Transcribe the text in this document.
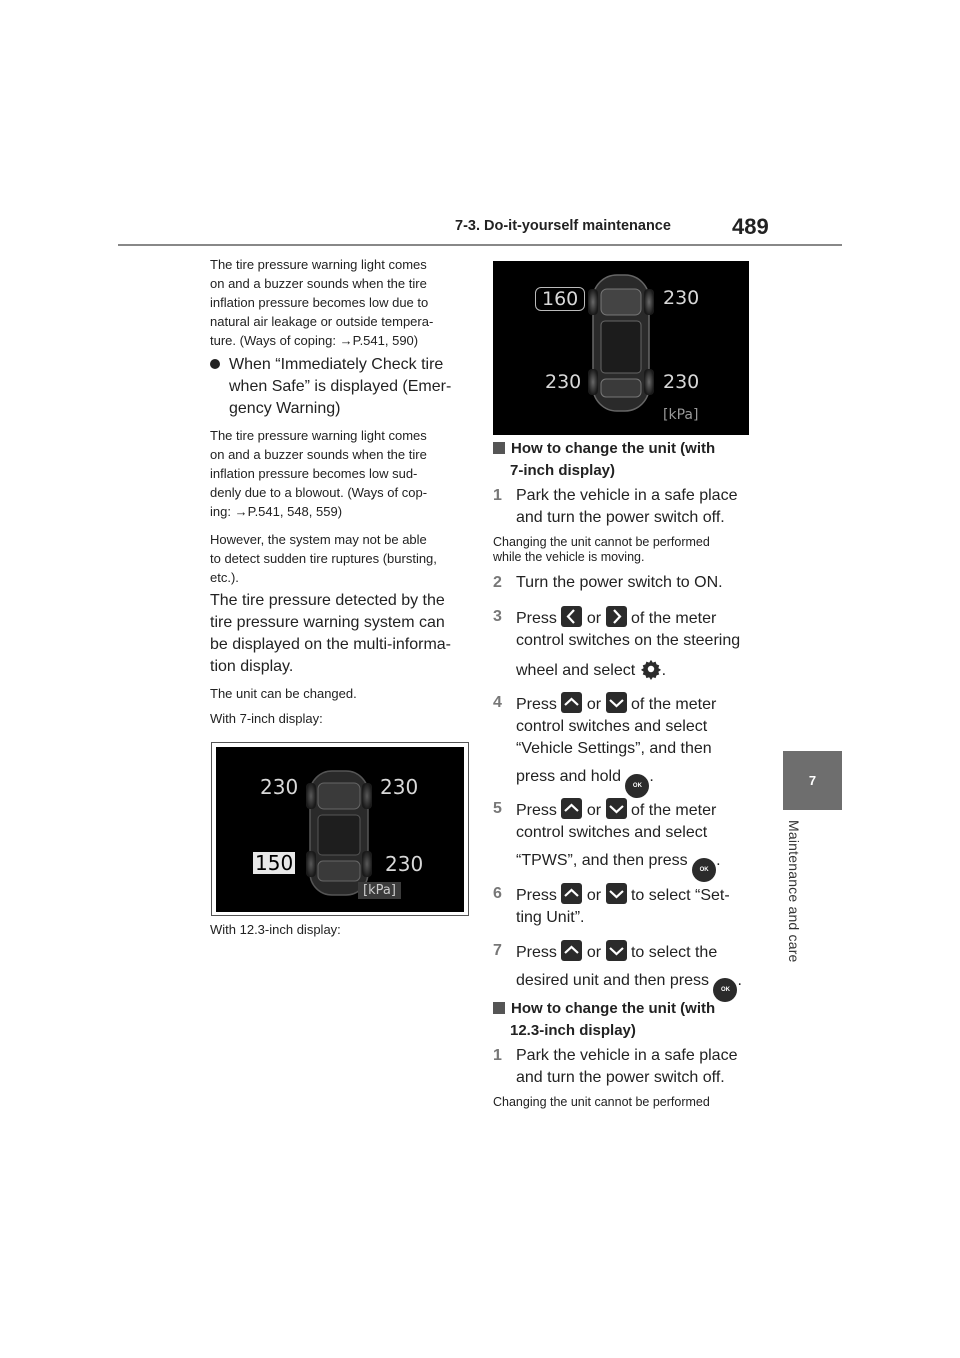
7-3. Do-it-yourself maintenance	489
7
Maintenance and care
The tire pressure warning light comes
on and a buzzer sounds when the tire
inflation pressure becomes low due to
natural air leakage or outside tempera-
ture. (Ways of coping: →P.541, 590)
When “Immediately Check tire
when Safe” is displayed (Emer-
gency Warning)
The tire pressure warning light comes
on and a buzzer sounds when the tire
inflation pressure becomes low sud-
denly due to a blowout. (Ways of cop-
ing: →P.541, 548, 559)
However, the system may not be able
to detect sudden tire ruptures (bursting,
etc.).
The tire pressure detected by the
tire pressure warning system can
be displayed on the multi-informa-
tion display.
The unit can be changed.
With 7-inch display:
230	230
150	230
[kPa]
With 12.3-inch display:
160	230
230	230
[kPa]
How to change the unit (with
7-inch display)
1 Park the vehicle in a safe place
and turn the power switch off.
Changing the unit cannot be performed
while the vehicle is moving.
2 Turn the power switch to ON.
3 Press or of the meter
control switches on the steering
wheel and select .
4 Press or of the meter
control switches and select
“Vehicle Settings”, and then
press and hold OK.
5 Press or of the meter
control switches and select
“TPWS”, and then press OK.
6 Press or to select “Set-
ting Unit”.
7 Press or to select the
desired unit and then press OK.
How to change the unit (with
12.3-inch display)
1 Park the vehicle in a safe place
and turn the power switch off.
Changing the unit cannot be performed
